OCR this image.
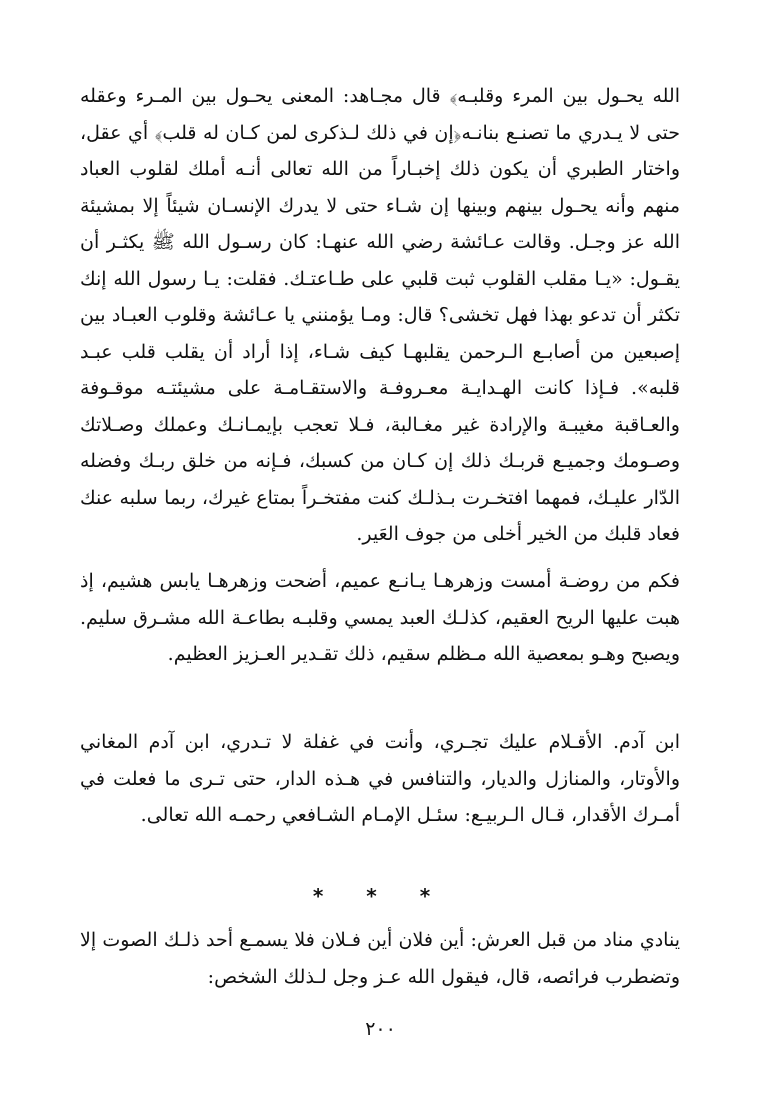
الله يحـول بين المرء وقلبـه﴾ قال مجـاهد: المعنى يحـول بين المـرء وعقله حتى لا يـدري ما تصنـع بنانـه﴿إن في ذلك لـذكرى لمن كـان له قلب﴾ أي عقل، واختار الطبري أن يكون ذلك إخبـاراً من الله تعالى أنـه أملك لقلوب العباد منهم وأنه يحـول بينهم وبينها إن شـاء حتى لا يدرك الإنسـان شيئاً إلا بمشيئة الله عز وجـل. وقالت عـائشة رضي الله عنهـا: كان رسـول الله ﷺ يكثـر أن يقـول: «يـا مقلب القلوب ثبت قلبي على طـاعتـك. فقلت: يـا رسول الله إنك تكثر أن تدعو بهذا فهل تخشى؟ قال: ومـا يؤمنني يا عـائشة وقلوب العبـاد بين إصبعين من أصابـع الـرحمن يقلبهـا كيف شـاء، إذا أراد أن يقلب قلب عبـد قلبه». فـإذا كانت الهـدايـة معـروفـة والاستقـامـة على مشيئتـه موقـوفة والعـاقبة مغيبـة والإرادة غير مغـالبة، فـلا تعجب بإيمـانـك وعملك وصـلاتك وصـومك وجميـع قربـك ذلك إن كـان من كسبك، فـإنه من خلق ربـك وفضله الدّار عليـك، فمهما افتخـرت بـذلـك كنت مفتخـراً بمتاع غيرك، ربما سلبه عنك فعاد قلبك من الخير أخلى من جوف العَير.

فكم من روضـة أمست وزهرهـا يـانـع عميم، أضحت وزهرهـا يابس هشيم، إذ هبت عليها الريح العقيم، كذلـك العبد يمسي وقلبـه بطاعـة الله مشـرق سليم. ويصبح وهـو بمعصية الله مـظلم سقيم، ذلك تقـدير العـزيز العظيم.

ابن آدم. الأقـلام عليك تجـري، وأنت في غفلة لا تـدري، ابن آدم المغاني والأوتار، والمنازل والديار، والتنافس في هـذه الدار، حتى تـرى ما فعلت في أمـرك الأقدار، قـال الـربيـع: سئـل الإمـام الشـافعي رحمـه الله تعالى.

* * *

ينادي مناد من قبل العرش: أين فلان أين فـلان فلا يسمـع أحد ذلـك الصوت إلا وتضطرب فرائصه، قال، فيقول الله عـز وجل لـذلك الشخص:

٢٠٠
